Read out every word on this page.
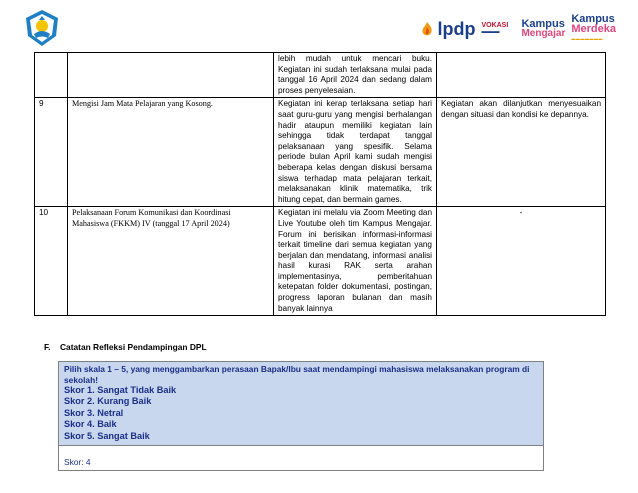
lpdp VOKASI
▬▬▬
Kampus
Mengajar
Kampus
Merdeka
▬▬▬▬▬▬▬
		lebih mudah untuk mencari buku. Kegiatan ini sudah terlaksana mulai pada tanggal 16 April 2024 dan sedang dalam proses penyelesaian.	
9	Mengisi Jam Mata Pelajaran yang Kosong.	Kegiatan ini kerap terlaksana setiap hari saat guru-guru yang mengisi berhalangan hadir ataupun memiliki kegiatan lain sehingga tidak terdapat tanggal pelaksanaan yang spesifik. Selama periode bulan April kami sudah mengisi beberapa kelas dengan diskusi bersama siswa terhadap mata pelajaran terkait, melaksanakan klinik matematika, trik hitung cepat, dan bermain games.	Kegiatan akan dilanjutkan menyesuaikan dengan situasi dan kondisi ke depannya.
10	Pelaksanaan Forum Komunikasi dan Koordinasi Mahasiswa (FKKM) IV (tanggal 17 April 2024)	Kegiatan ini melalu via Zoom Meeting dan Live Youtube oleh tim Kampus Mengajar. Forum ini berisikan informasi-informasi terkait timeline dari semua kegiatan yang berjalan dan mendatang, informasi analisi hasil kurasi RAK serta arahan implementasinya, pemberitahuan ketepatan folder dokumentasi, postingan, progress laporan bulanan dan masih banyak lainnya	-
F. Catatan Refleksi Pendampingan DPL
Pilih skala 1 – 5, yang menggambarkan perasaan Bapak/Ibu saat mendampingi mahasiswa melaksanakan program di sekolah!
Skor 1. Sangat Tidak Baik
Skor 2. Kurang Baik
Skor 3. Netral
Skor 4. Baik
Skor 5. Sangat Baik
Skor: 4
